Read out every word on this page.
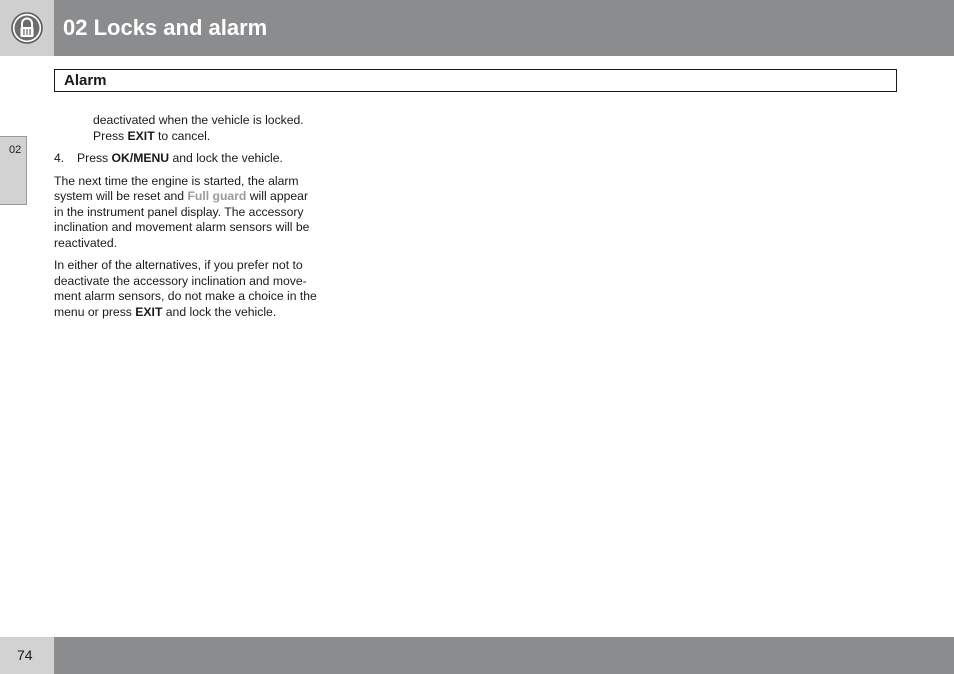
02 Locks and alarm
Alarm
02

deactivated when the vehicle is locked.
Press EXIT to cancel.

4.	Press OK/MENU and lock the vehicle.

The next time the engine is started, the alarm system will be reset and Full guard will appear in the instrument panel display. The accessory inclination and movement alarm sensors will be reactivated.

In either of the alternatives, if you prefer not to deactivate the accessory inclination and move-ment alarm sensors, do not make a choice in the menu or press EXIT and lock the vehicle.

74
